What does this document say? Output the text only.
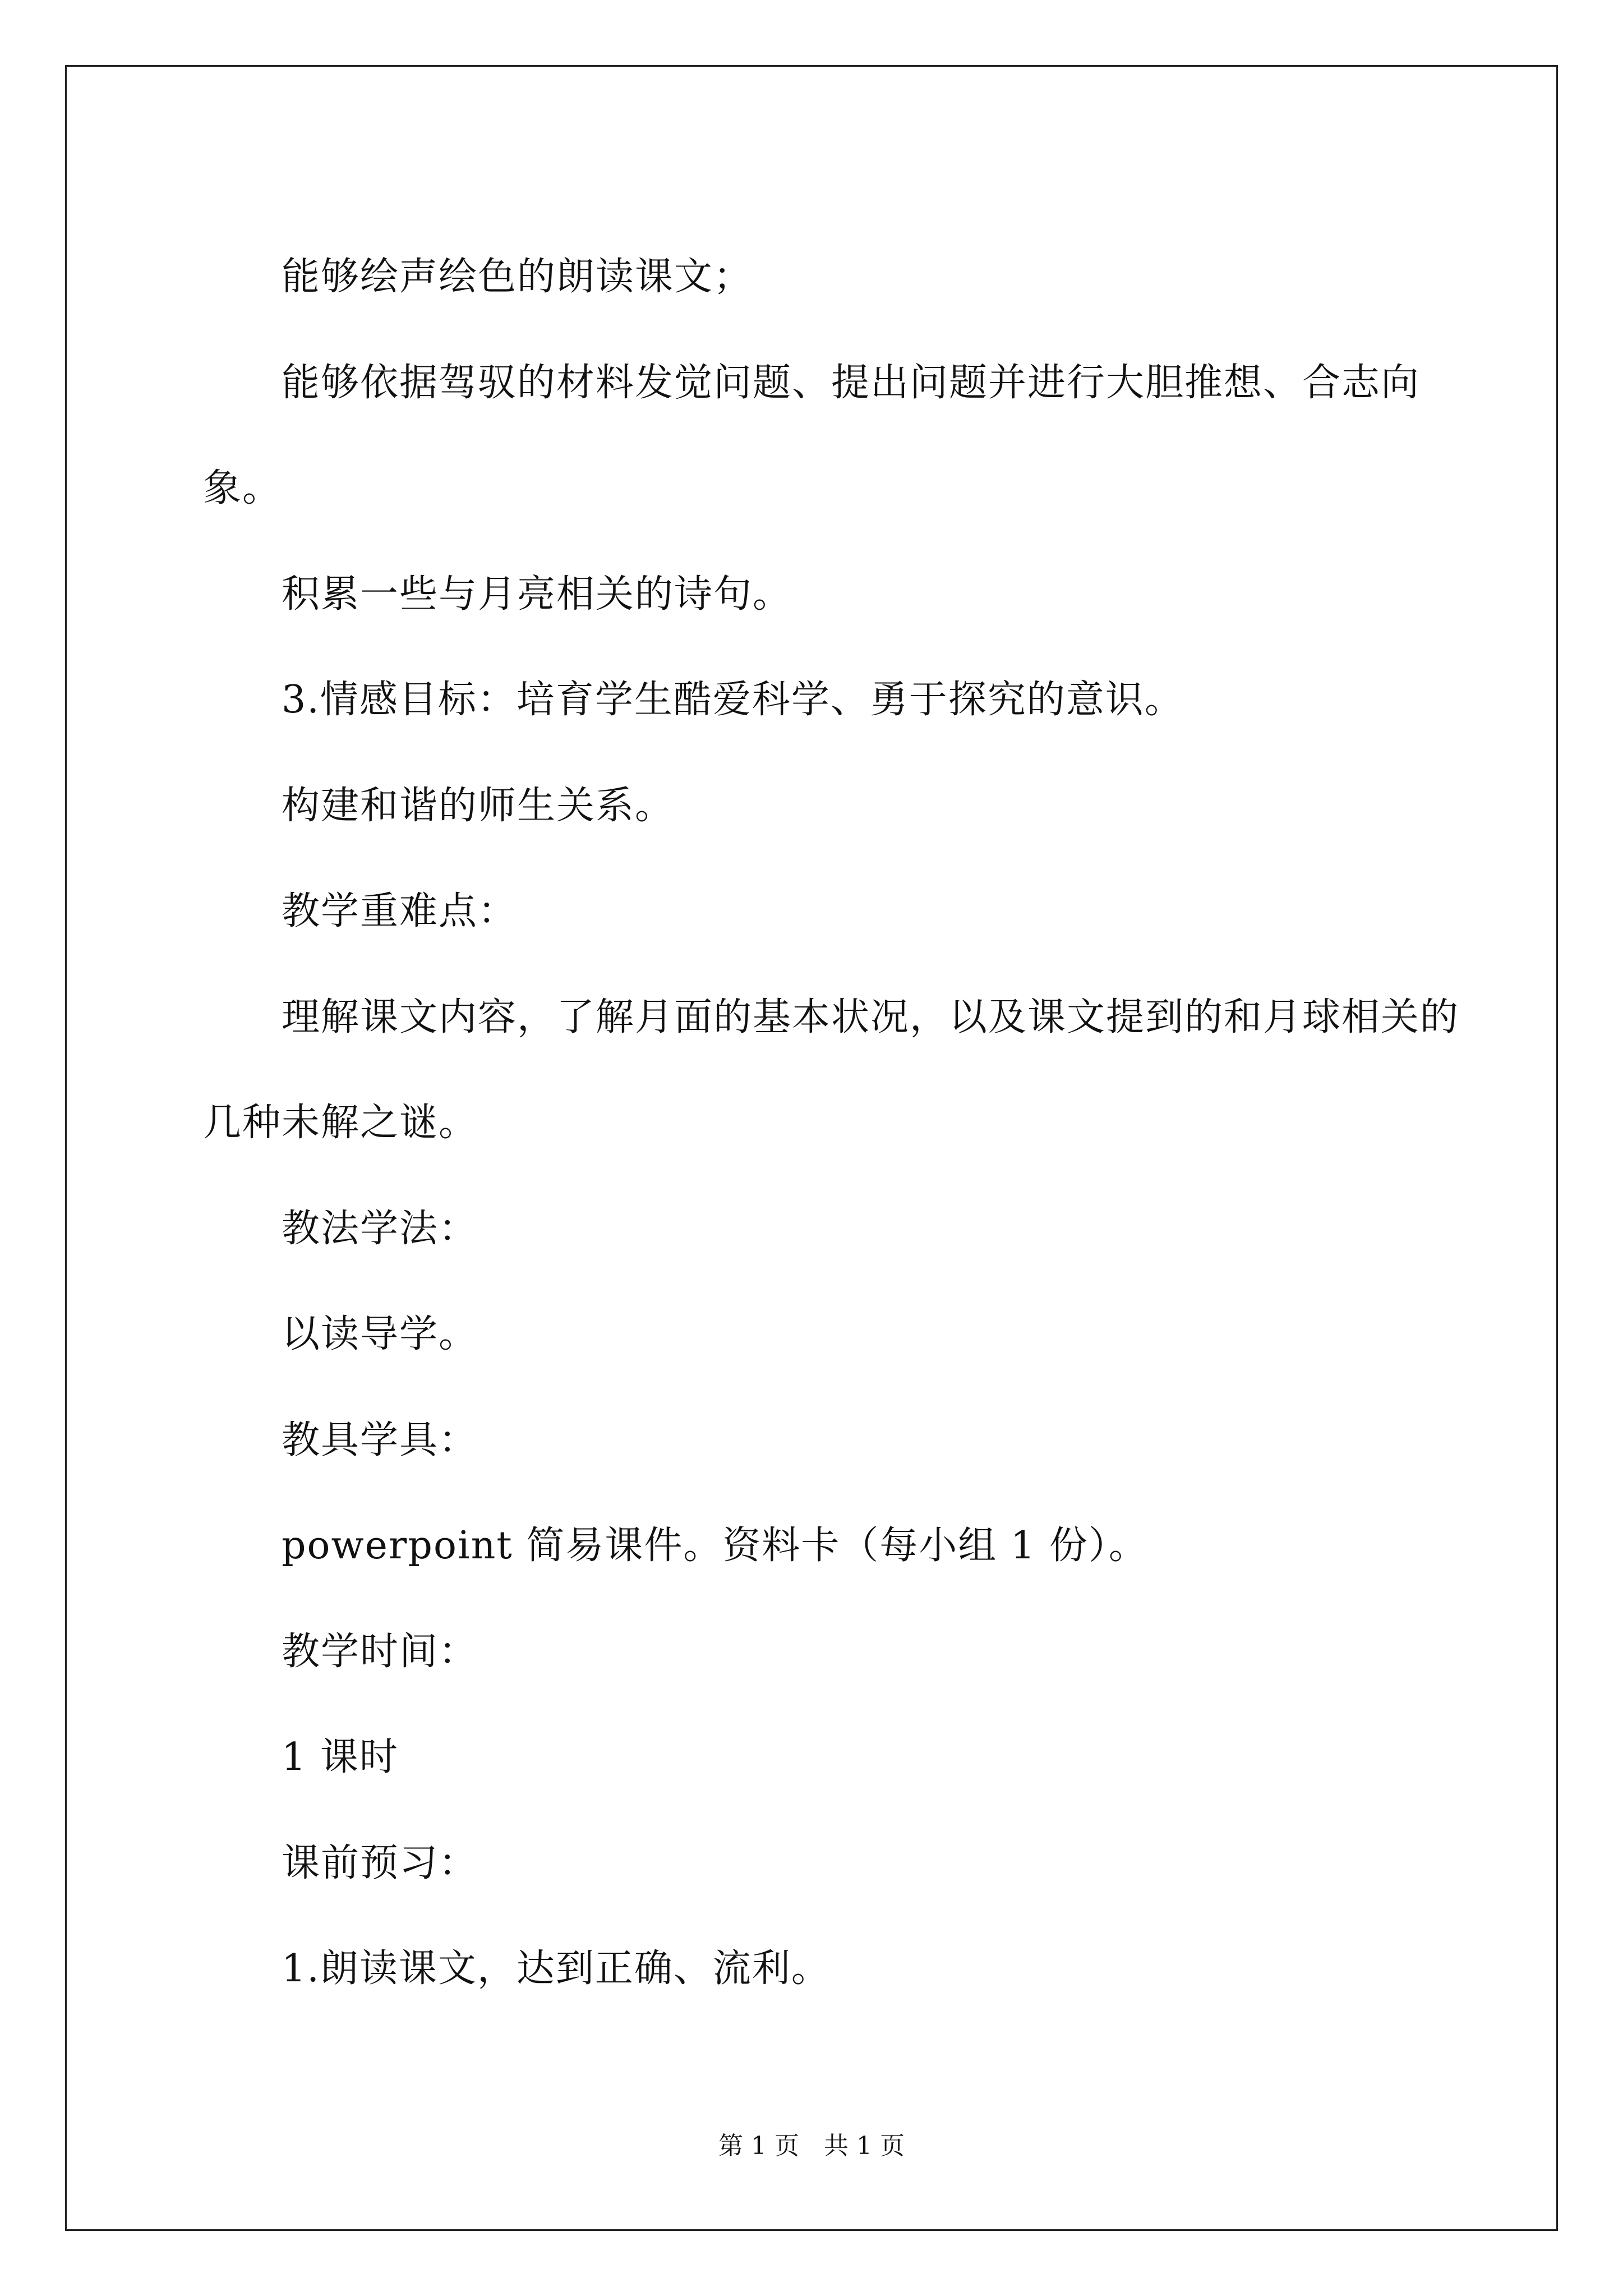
能够绘声绘色的朗读课文；
能够依据驾驭的材料发觉问题、提出问题并进行大胆推想、合志向象。
积累一些与月亮相关的诗句。
3.情感目标：培育学生酷爱科学、勇于探究的意识。
构建和谐的师生关系。
教学重难点：
理解课文内容，了解月面的基本状况，以及课文提到的和月球相关的几种未解之谜。
教法学法：
以读导学。
教具学具：
powerpoint 简易课件。资料卡（每小组 1 份）。
教学时间：
1 课时
课前预习：
1.朗读课文，达到正确、流利。
第 1 页　共 1 页
